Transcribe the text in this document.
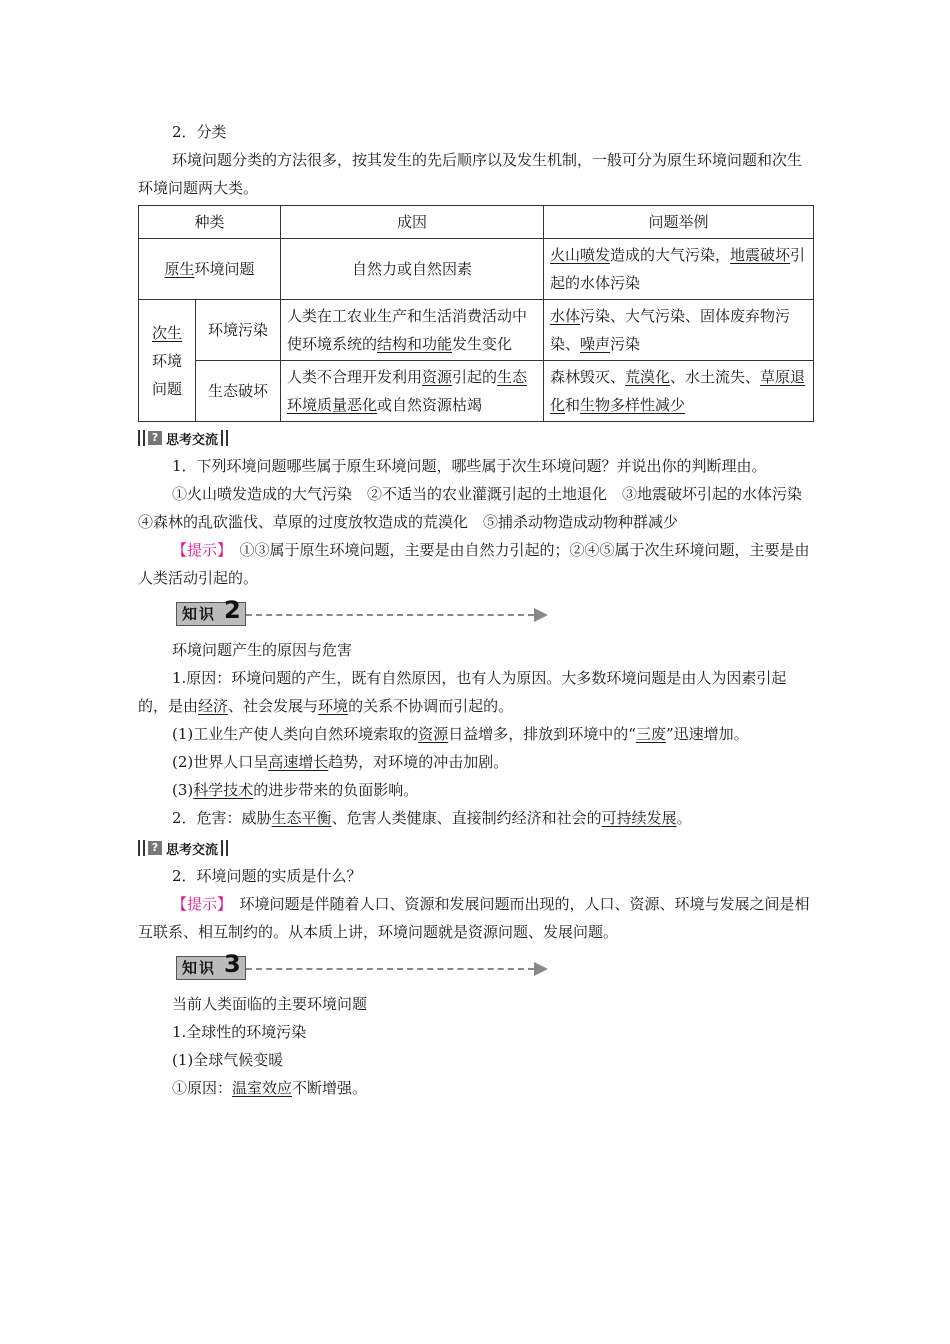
2．分类

环境问题分类的方法很多，按其发生的先后顺序以及发生机制，一般可分为原生环境问题和次生环境问题两大类。

种类		成因	问题举例
原生环境问题		自然力或自然因素	火山喷发造成的大气污染，地震破坏引起的水体污染
次生
环境问题	环境污染	人类在工农业生产和生活消费活动中使环境系统的结构和功能发生变化	水体污染、大气污染、固体废弃物污染、噪声污染
	生态破坏	人类不合理开发利用资源引起的生态环境质量恶化或自然资源枯竭	森林毁灭、荒漠化、水土流失、草原退化和生物多样性减少
? 思考交流

1．下列环境问题哪些属于原生环境问题，哪些属于次生环境问题？并说出你的判断理由。

①火山喷发造成的大气污染　②不适当的农业灌溉引起的土地退化　③地震破坏引起的水体污染　④森林的乱砍滥伐、草原的过度放牧造成的荒漠化　⑤捕杀动物造成动物种群减少

【提示】　①③属于原生环境问题，主要是由自然力引起的；②④⑤属于次生环境问题，主要是由人类活动引起的。

知识 2

环境问题产生的原因与危害

1.原因：环境问题的产生，既有自然原因，也有人为原因。大多数环境问题是由人为因素引起的，是由经济、社会发展与环境的关系不协调而引起的。

(1)工业生产使人类向自然环境索取的资源日益增多，排放到环境中的“三废”迅速增加。

(2)世界人口呈高速增长趋势，对环境的冲击加剧。

(3)科学技术的进步带来的负面影响。

2．危害：威胁生态平衡、危害人类健康、直接制约经济和社会的可持续发展。

? 思考交流

2．环境问题的实质是什么？

【提示】　环境问题是伴随着人口、资源和发展问题而出现的，人口、资源、环境与发展之间是相互联系、相互制约的。从本质上讲，环境问题就是资源问题、发展问题。

知识 3

当前人类面临的主要环境问题

1.全球性的环境污染

(1)全球气候变暖

①原因：温室效应不断增强。
